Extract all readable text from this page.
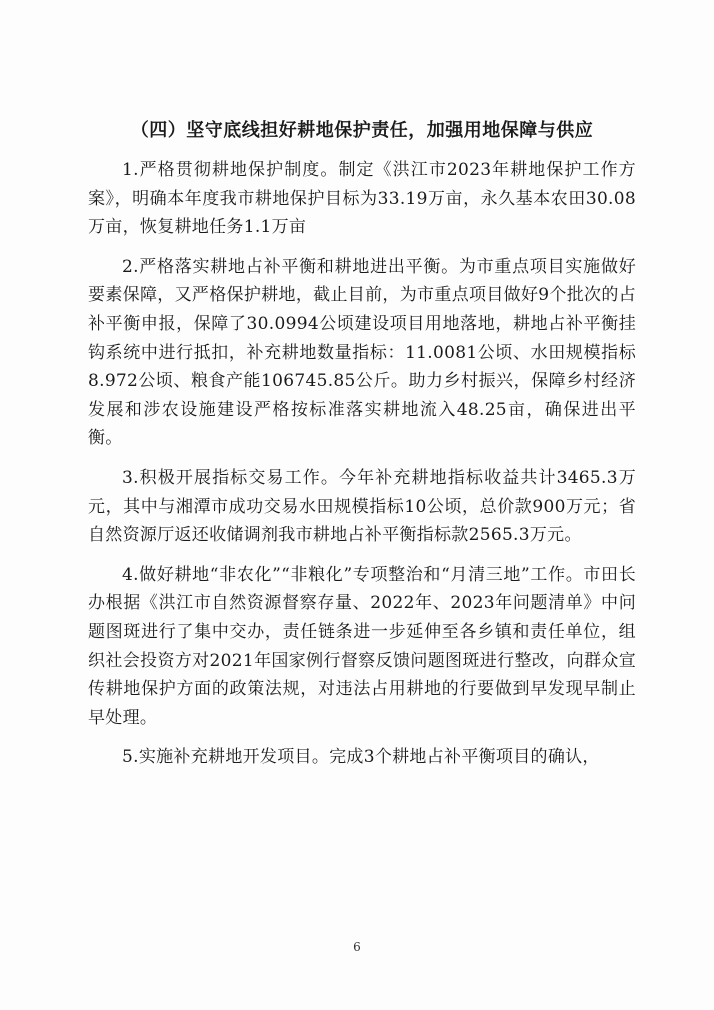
（四）坚守底线担好耕地保护责任，加强用地保障与供应

1.严格贯彻耕地保护制度。制定《洪江市2023年耕地保护工作方案》，明确本年度我市耕地保护目标为33.19万亩，永久基本农田30.08万亩，恢复耕地任务1.1万亩

2.严格落实耕地占补平衡和耕地进出平衡。为市重点项目实施做好要素保障，又严格保护耕地，截止目前，为市重点项目做好9个批次的占补平衡申报，保障了30.0994公顷建设项目用地落地，耕地占补平衡挂钩系统中进行抵扣，补充耕地数量指标：11.0081公顷、水田规模指标8.972公顷、粮食产能106745.85公斤。助力乡村振兴，保障乡村经济发展和涉农设施建设严格按标准落实耕地流入48.25亩，确保进出平衡。

3.积极开展指标交易工作。今年补充耕地指标收益共计3465.3万元，其中与湘潭市成功交易水田规模指标10公顷，总价款900万元；省自然资源厅返还收储调剂我市耕地占补平衡指标款2565.3万元。

4.做好耕地“非农化”“非粮化”专项整治和“月清三地”工作。市田长办根据《洪江市自然资源督察存量、2022年、2023年问题清单》中问题图斑进行了集中交办，责任链条进一步延伸至各乡镇和责任单位，组织社会投资方对2021年国家例行督察反馈问题图斑进行整改，向群众宣传耕地保护方面的政策法规，对违法占用耕地的行要做到早发现早制止早处理。

5.实施补充耕地开发项目。完成3个耕地占补平衡项目的确认，

6
